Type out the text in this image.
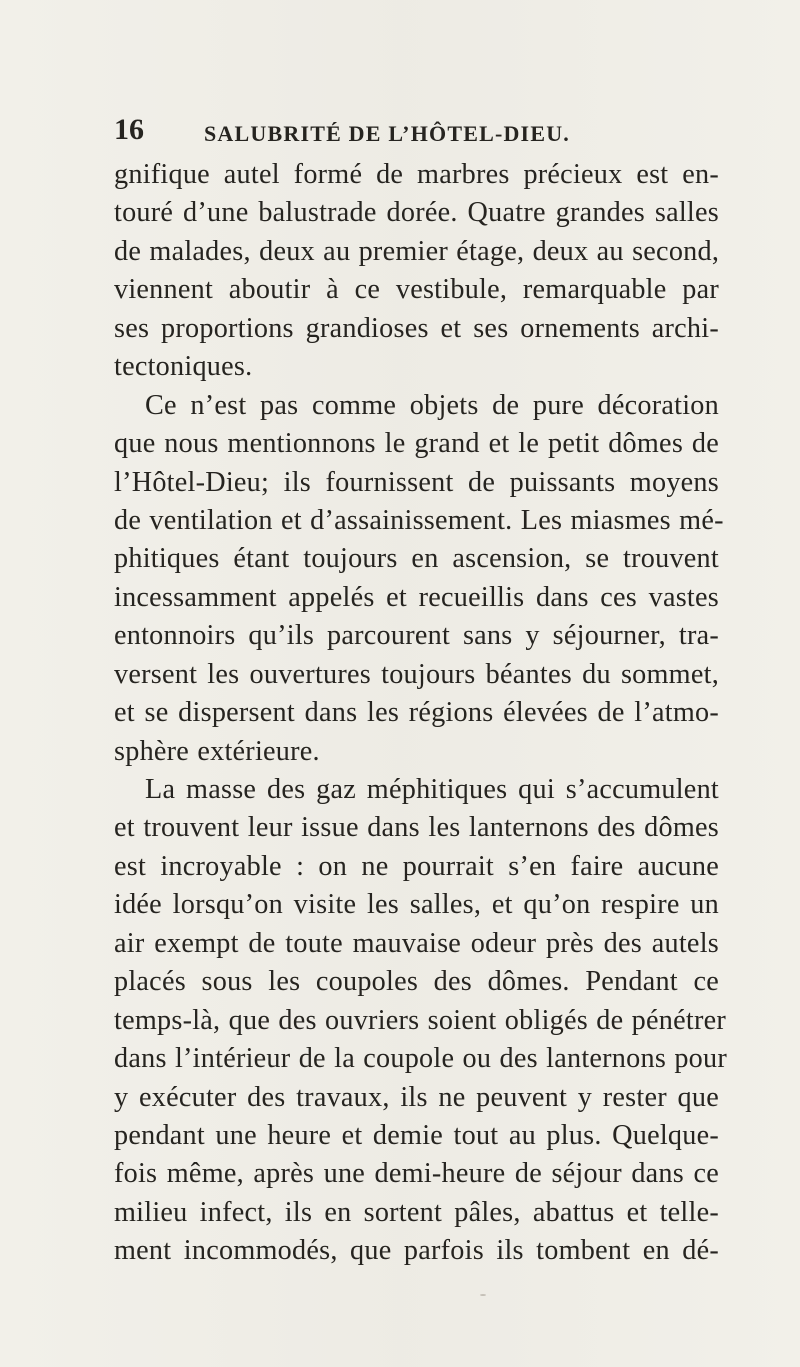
16	SALUBRITÉ DE L’HÔTEL-DIEU.
gnifique autel formé de marbres précieux est en-
touré d’une balustrade dorée. Quatre grandes salles
de malades, deux au premier étage, deux au second,
viennent aboutir à ce vestibule, remarquable par
ses proportions grandioses et ses ornements archi-
tectoniques.
Ce n’est pas comme objets de pure décoration
que nous mentionnons le grand et le petit dômes de
l’Hôtel-Dieu; ils fournissent de puissants moyens
de ventilation et d’assainissement. Les miasmes mé-
phitiques étant toujours en ascension, se trouvent
incessamment appelés et recueillis dans ces vastes
entonnoirs qu’ils parcourent sans y séjourner, tra-
versent les ouvertures toujours béantes du sommet,
et se dispersent dans les régions élevées de l’atmo-
sphère extérieure.
La masse des gaz méphitiques qui s’accumulent
et trouvent leur issue dans les lanternons des dômes
est incroyable : on ne pourrait s’en faire aucune
idée lorsqu’on visite les salles, et qu’on respire un
air exempt de toute mauvaise odeur près des autels
placés sous les coupoles des dômes. Pendant ce
temps-là, que des ouvriers soient obligés de pénétrer
dans l’intérieur de la coupole ou des lanternons pour
y exécuter des travaux, ils ne peuvent y rester que
pendant une heure et demie tout au plus. Quelque-
fois même, après une demi-heure de séjour dans ce
milieu infect, ils en sortent pâles, abattus et telle-
ment incommodés, que parfois ils tombent en dé-
